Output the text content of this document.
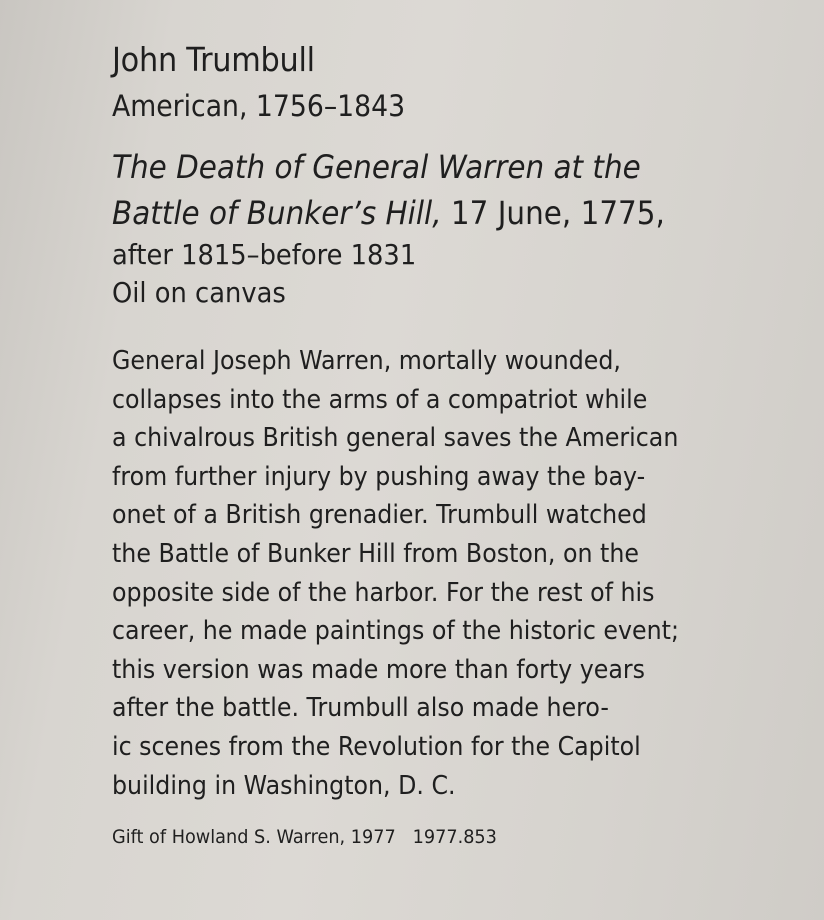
John Trumbull

American, 1756–1843

The Death of General Warren at the
Battle of Bunker’s Hill, 17 June, 1775,

after 1815–before 1831

Oil on canvas

General Joseph Warren, mortally wounded,
collapses into the arms of a compatriot while
a chivalrous British general saves the American
from further injury by pushing away the bay-
onet of a British grenadier. Trumbull watched
the Battle of Bunker Hill from Boston, on the
opposite side of the harbor. For the rest of his
career, he made paintings of the historic event;
this version was made more than forty years
after the battle. Trumbull also made hero-
ic scenes from the Revolution for the Capitol
building in Washington, D. C.

Gift of Howland S. Warren, 1977 1977.853
